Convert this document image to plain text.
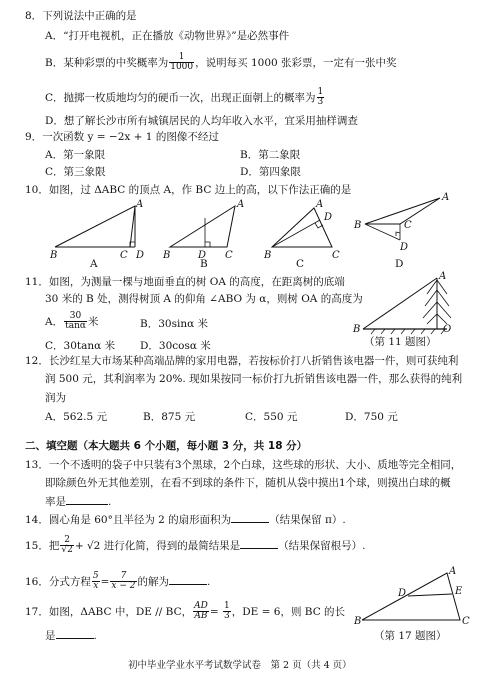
8．下列说法中正确的是
A．“打开电视机，正在播放《动物世界》”是必然事件
B．某种彩票的中奖概率为 $\frac{1}{1000}$ ，说明每买 1000 张彩票，一定有一张中奖
C．抛掷一枚质地均匀的硬币一次，出现正面朝上的概率为 $\frac{1}{3}$
D．想了解长沙市所有城镇居民的人均年收入水平，宜采用抽样调查
9．一次函数 y = −2x + 1 的图像不经过
A．第一象限	B．第二象限
C．第三象限	D．第四象限
10．如图，过 ΔABC 的顶点 A，作 BC 边上的高，以下作法正确的是
A
B	C D
A
A
B	C
D
B
A
B	C
D
C
A
B	C
D
D
11．如图，为测量一棵与地面垂直的树 OA 的高度，在距离树的底端
30 米的 B 处，测得树顶 A 的仰角 ∠ABO 为 α，则树 OA 的高度为
A． $\frac{30}{\tan\alpha}$ 米	B．30sinα 米
C．30tanα 米 D．30cosα 米
A
B	O
（第 11 题图）
12．长沙红星大市场某种高端品牌的家用电器，若按标价打八折销售该电器一件，则可获纯利
润 500 元，其利润率为 20%. 现如果按同一标价打九折销售该电器一件，那么获得的纯利
润为
A．562.5 元	B．875 元	C．550 元	D．750 元
二、填空题（本大题共 6 个小题，每小题 3 分，共 18 分）
13．一个不透明的袋子中只装有3个黑球，2个白球，这些球的形状、大小、质地等完全相同，
即除颜色外无其他差别，在看不到球的条件下，随机从袋中摸出1个球，则摸出白球的概
率是	.
14．圆心角是 60°且半径为 2 的扇形面积为	（结果保留 π）.
15．把 $\frac{2}{√2} + √2$ 进行化简，得到的最简结果是	（结果保留根号）.
16．分式方程 $\frac{5}{x} = \frac{7}{x - 2}$ 的解为	.
17．如图，ΔABC 中，DE // BC， $\frac{AD}{AB} = \frac{1}{3}$ ，DE = 6，则 BC 的长
是	.
A
B	C
D	E
（第 17 题图）
初中毕业学业水平考试数学试卷　第 2 页（共 4 页）
